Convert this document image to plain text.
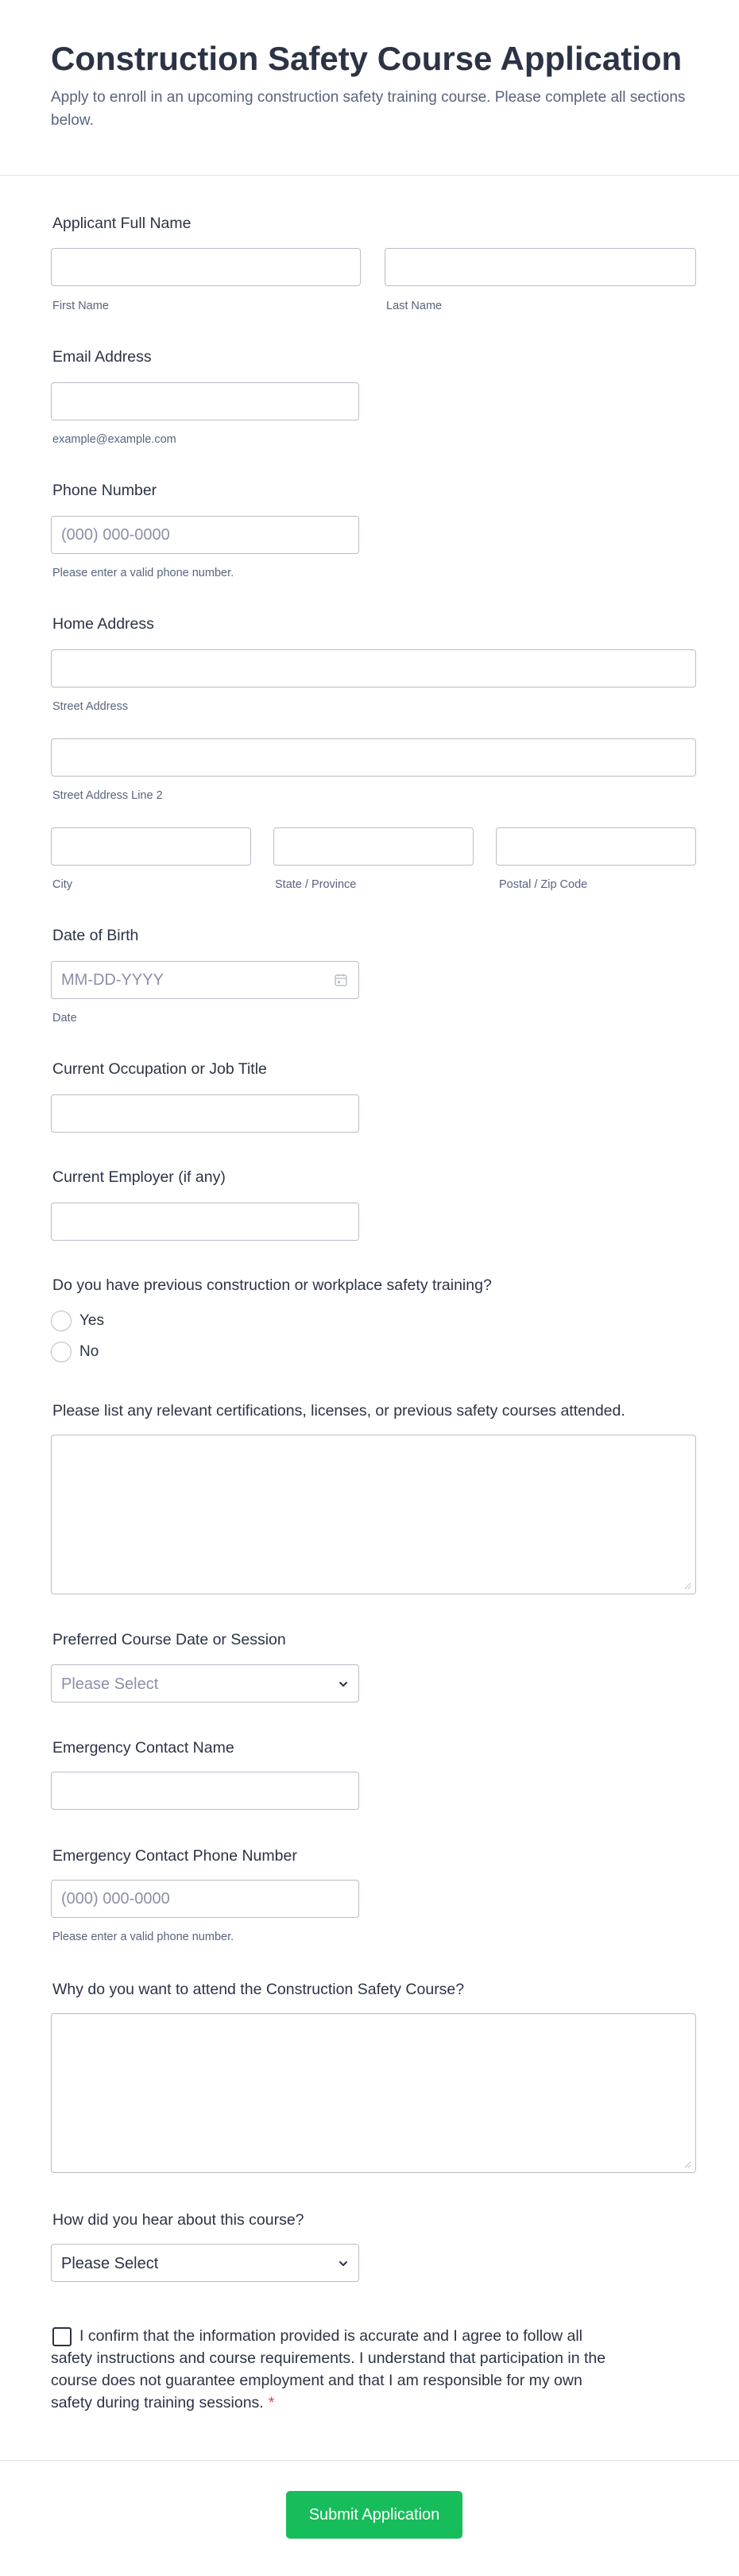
Construction Safety Course Application
Apply to enroll in an upcoming construction safety training course. Please complete all sections below.
Applicant Full Name
First Name	Last Name
Email Address
example@example.com
Phone Number
(000) 000-0000
Please enter a valid phone number.
Home Address
Street Address
Street Address Line 2
City	State / Province	Postal / Zip Code
Date of Birth
MM-DD-YYYY
Date
Current Occupation or Job Title
Current Employer (if any)
Do you have previous construction or workplace safety training?
Yes
No
Please list any relevant certifications, licenses, or previous safety courses attended.
Preferred Course Date or Session
Please Select
Emergency Contact Name
Emergency Contact Phone Number
(000) 000-0000
Please enter a valid phone number.
Why do you want to attend the Construction Safety Course?
How did you hear about this course?
Please Select
I confirm that the information provided is accurate and I agree to follow all safety instructions and course requirements. I understand that participation in the course does not guarantee employment and that I am responsible for my own safety during training sessions. *
Submit Application
